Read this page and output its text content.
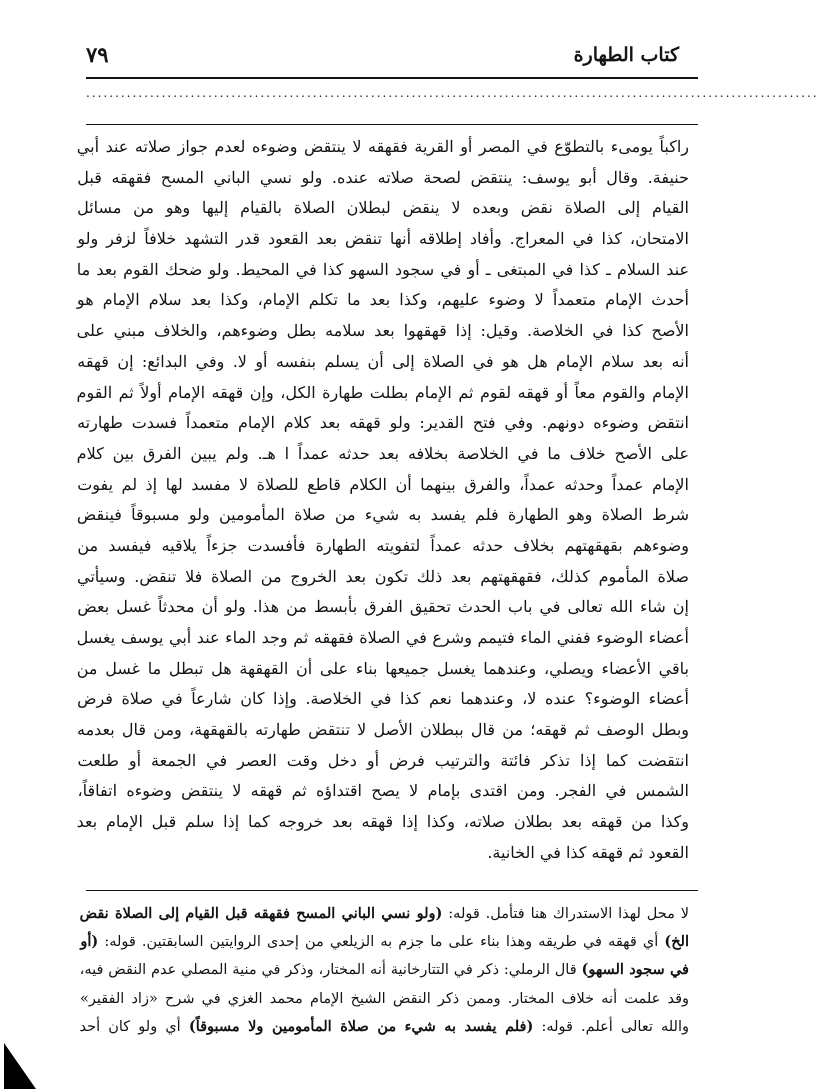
كتاب الطهارة
٧٩
..............................................................................................................................
راكباً يومىء بالتطوّع في المصر أو القرية فقهقه لا ينتقض وضوءه لعدم جواز صلاته عند أبي
حنيفة. وقال أبو يوسف: ينتقض لصحة صلاته عنده. ولو نسي الباني المسح فقهقه قبل
القيام إلى الصلاة نقض وبعده لا ينقض لبطلان الصلاة بالقيام إليها وهو من مسائل
الامتحان، كذا في المعراج. وأفاد إطلاقه أنها تنقض بعد القعود قدر التشهد خلافاً لزفر ولو
عند السلام ـ كذا في المبتغى ـ أو في سجود السهو كذا في المحيط. ولو ضحك القوم بعد ما
أحدث الإمام متعمداً لا وضوء عليهم، وكذا بعد ما تكلم الإمام، وكذا بعد سلام الإمام هو
الأصح كذا في الخلاصة. وقيل: إذا قهقهوا بعد سلامه بطل وضوءهم، والخلاف مبني على
أنه بعد سلام الإمام هل هو في الصلاة إلى أن يسلم بنفسه أو لا. وفي البدائع: إن قهقه
الإمام والقوم معاً أو قهقه لقوم ثم الإمام بطلت طهارة الكل، وإن قهقه الإمام أولاً ثم القوم
انتقض وضوءه دونهم. وفي فتح القدير: ولو قهقه بعد كلام الإمام متعمداً فسدت طهارته
على الأصح خلاف ما في الخلاصة بخلافه بعد حدثه عمداً ا هـ. ولم يبين الفرق بين كلام
الإمام عمداً وحدثه عمداً، والفرق بينهما أن الكلام قاطع للصلاة لا مفسد لها إذ لم يفوت
شرط الصلاة وهو الطهارة فلم يفسد به شيء من صلاة المأمومين ولو مسبوقاً فينقض
وضوءهم بقهقهتهم بخلاف حدثه عمداً لتفويته الطهارة فأفسدت جزءاً يلاقيه فيفسد من
صلاة المأموم كذلك، فقهقهتهم بعد ذلك تكون بعد الخروج من الصلاة فلا تنقض. وسيأتي
إن شاء الله تعالى في باب الحدث تحقيق الفرق بأبسط من هذا. ولو أن محدثاً غسل بعض
أعضاء الوضوء ففني الماء فتيمم وشرع في الصلاة فقهقه ثم وجد الماء عند أبي يوسف يغسل
باقي الأعضاء ويصلي، وعندهما يغسل جميعها بناء على أن القهقهة هل تبطل ما غسل من
أعضاء الوضوء؟ عنده لا، وعندهما نعم كذا في الخلاصة. وإذا كان شارعاً في صلاة فرض
وبطل الوصف ثم قهقه؛ من قال ببطلان الأصل لا تنتقض طهارته بالقهقهة، ومن قال بعدمه
انتقضت كما إذا تذكر فائتة والترتيب فرض أو دخل وقت العصر في الجمعة أو طلعت
الشمس في الفجر. ومن اقتدى بإمام لا يصح اقتداؤه ثم قهقه لا ينتقض وضوءه اتفاقاً،
وكذا من قهقه بعد بطلان صلاته، وكذا إذا قهقه بعد خروجه كما إذا سلم قبل الإمام بعد
القعود ثم قهقه كذا في الخانية.
لا محل لهذا الاستدراك هنا فتأمل. قوله: (ولو نسي الباني المسح فقهقه قبل القيام إلى الصلاة نقض
الخ) أي قهقه في طريقه وهذا بناء على ما جزم به الزيلعي من إحدى الروايتين السابقتين. قوله: (أو
في سجود السهو) قال الرملي: ذكر في التتارخانية أنه المختار، وذكر في منية المصلي عدم النقض فيه،
وقد علمت أنه خلاف المختار. وممن ذكر النقض الشيخ الإمام محمد الغزي في شرح «زاد الفقير»
والله تعالى أعلم. قوله: (فلم يفسد به شيء من صلاة المأمومين ولا مسبوقاً) أي ولو كان أحد
